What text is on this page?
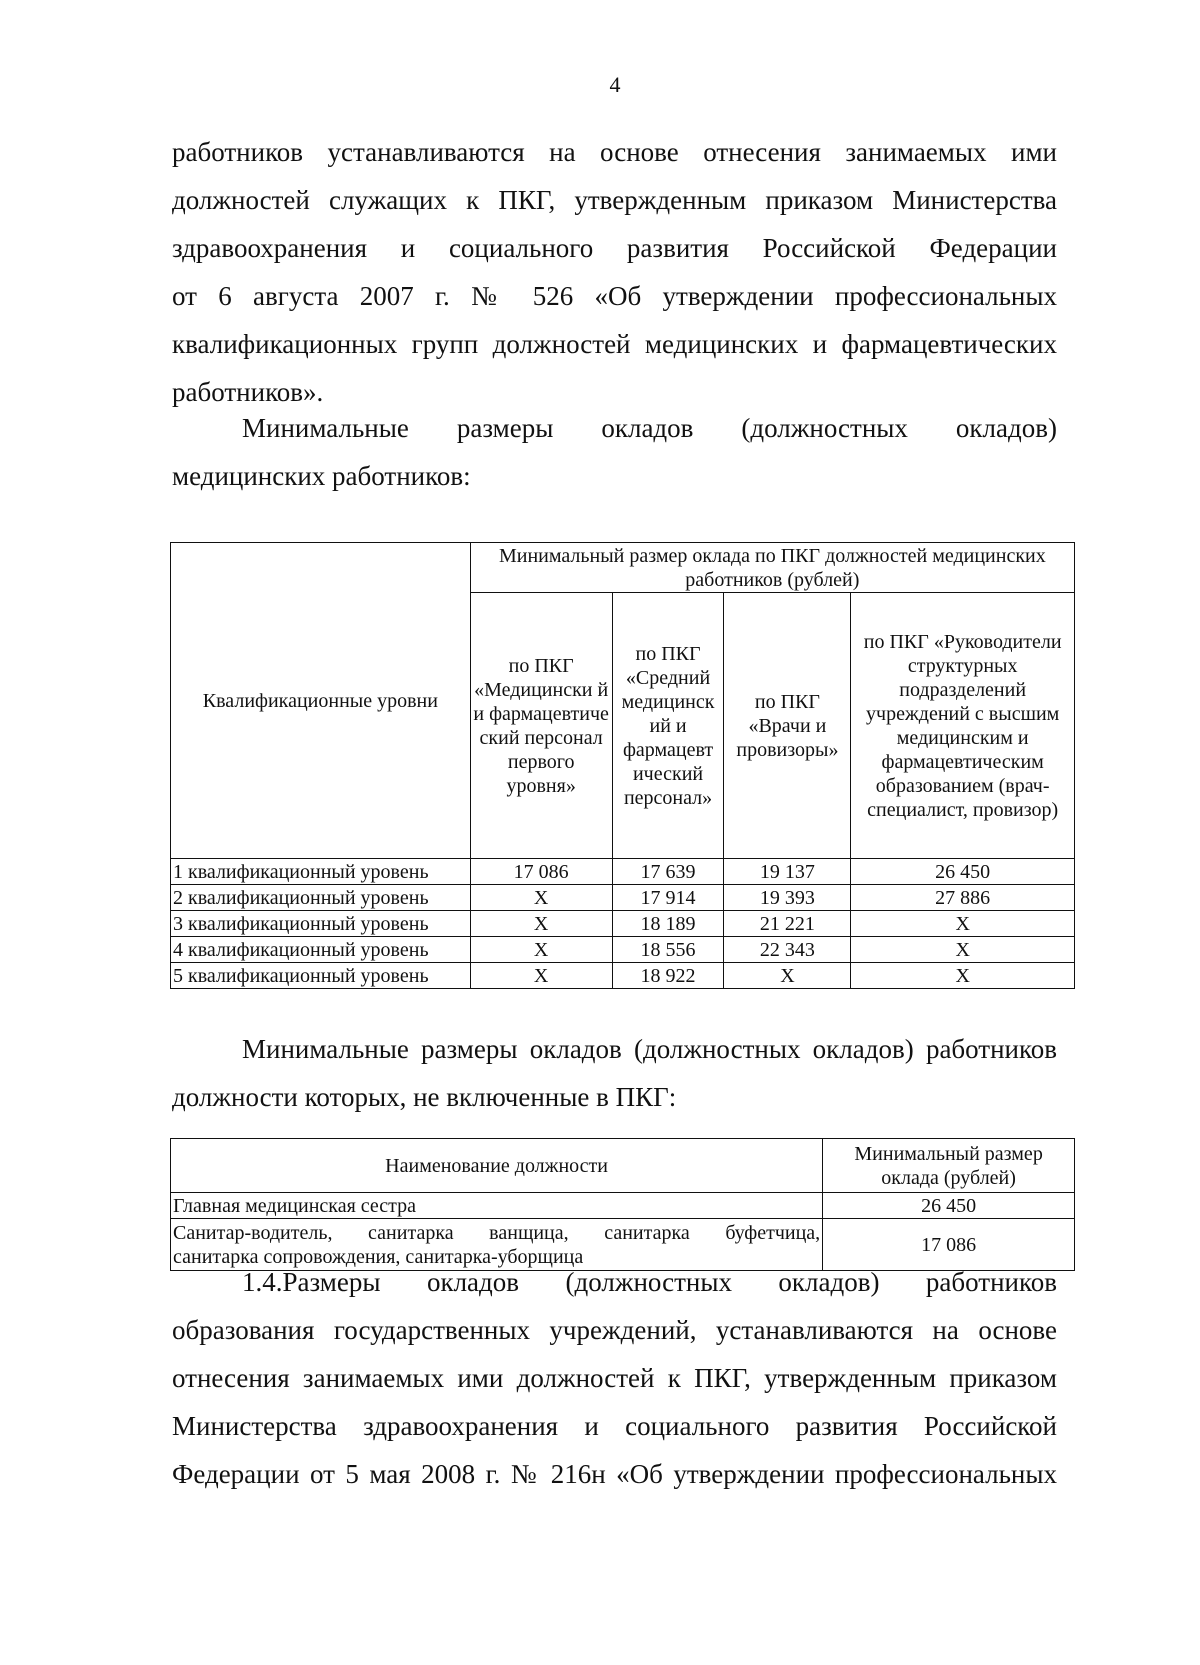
4

работников устанавливаются на основе отнесения занимаемых ими
должностей служащих к ПКГ, утвержденным приказом Министерства
здравоохранения и социального развития Российской Федерации
от 6 августа 2007 г. № 526 «Об утверждении профессиональных
квалификационных групп должностей медицинских и фармацевтических
работников».

Минимальные размеры окладов (должностных окладов)
медицинских работников:

Квалификационные уровни	Минимальный размер оклада по ПКГ должностей медицинских работников (рублей)			
	по ПКГ «Медицински й и фармацевтиче ский персонал первого уровня»	по ПКГ «Средний медицинск ий и фармацевт ический персонал»	по ПКГ «Врачи и провизоры»	по ПКГ «Руководители структурных подразделений учреждений с высшим медицинским и фармацевтическим образованием (врач-специалист, провизор)
1 квалификационный уровень	17 086	17 639	19 137	26 450
2 квалификационный уровень	Х	17 914	19 393	27 886
3 квалификационный уровень	Х	18 189	21 221	Х
4 квалификационный уровень	Х	18 556	22 343	Х
5 квалификационный уровень	Х	18 922	Х	Х

Минимальные размеры окладов (должностных окладов) работников
должности которых, не включенные в ПКГ:

Наименование должности	Минимальный размер оклада (рублей)
Главная медицинская сестра	26 450

Санитар-водитель, санитарка ванщица, санитарка буфетчица,
санитарка сопровождения, санитарка-уборщица	17 086

1.4.Размеры окладов (должностных окладов) работников
образования государственных учреждений, устанавливаются на основе
отнесения занимаемых ими должностей к ПКГ, утвержденным приказом
Министерства здравоохранения и социального развития Российской
Федерации от 5 мая 2008 г. № 216н «Об утверждении профессиональных
